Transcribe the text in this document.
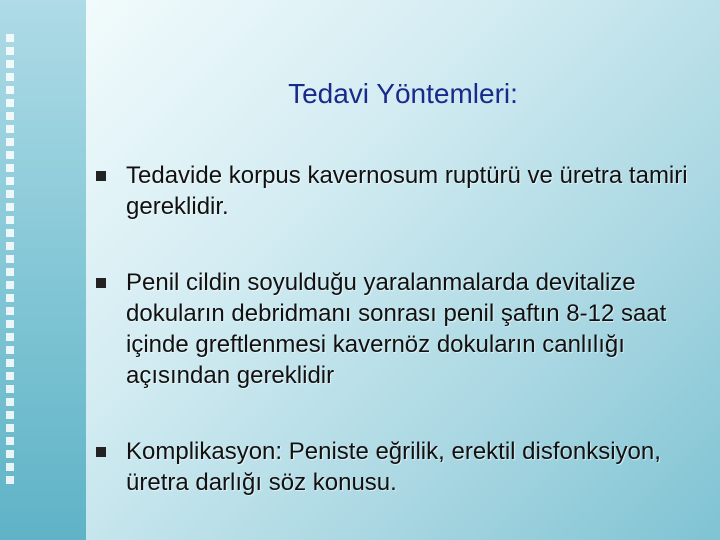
Tedavi Yöntemleri:
Tedavide korpus kavernosum ruptürü ve üretra tamiri gereklidir.
Penil cildin soyulduğu yaralanmalarda devitalize dokuların debridmanı sonrası penil şaftın 8-12 saat içinde greftlenmesi kavernöz dokuların canlılığı açısından gereklidir
Komplikasyon: Peniste eğrilik, erektil disfonksiyon, üretra darlığı söz konusu.
